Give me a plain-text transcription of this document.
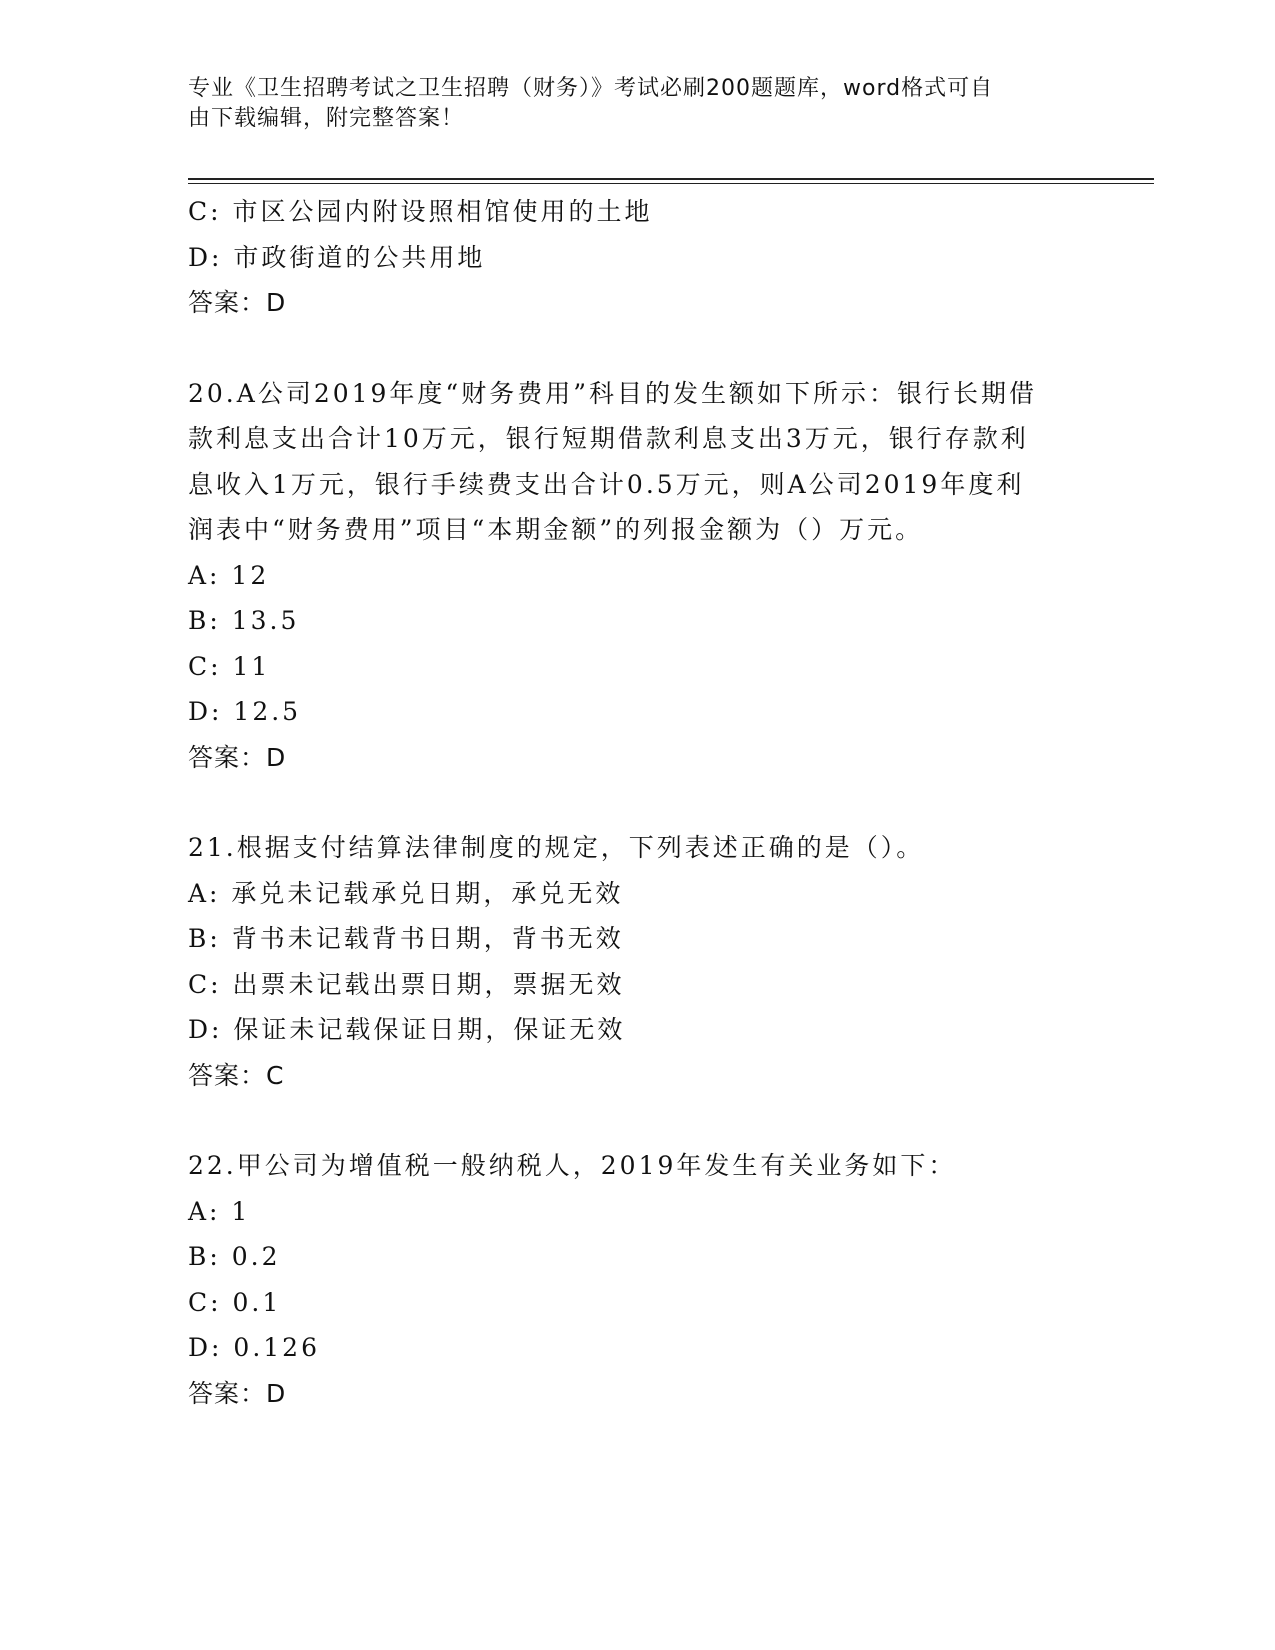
专业《卫生招聘考试之卫生招聘（财务）》考试必刷200题题库，word格式可自
由下载编辑，附完整答案！
C: 市区公园内附设照相馆使用的土地
D: 市政街道的公共用地
答案：D
20.A公司2019年度“财务费用”科目的发生额如下所示：银行长期借
款利息支出合计10万元，银行短期借款利息支出3万元，银行存款利
息收入1万元，银行手续费支出合计0.5万元，则A公司2019年度利
润表中“财务费用”项目“本期金额”的列报金额为（）万元。
A: 12
B: 13.5
C: 11
D: 12.5
答案：D
21.根据支付结算法律制度的规定，下列表述正确的是（）。
A: 承兑未记载承兑日期，承兑无效
B: 背书未记载背书日期，背书无效
C: 出票未记载出票日期，票据无效
D: 保证未记载保证日期，保证无效
答案：C
22.甲公司为增值税一般纳税人，2019年发生有关业务如下：
A: 1
B: 0.2
C: 0.1
D: 0.126
答案：D
